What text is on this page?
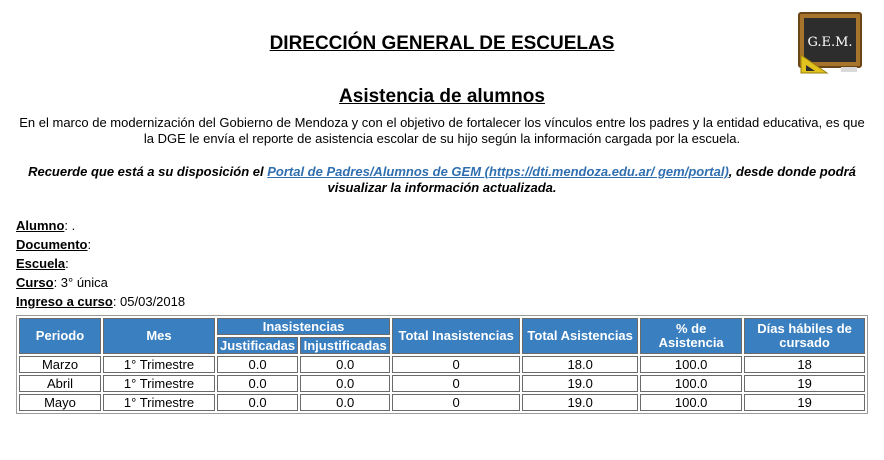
G.E.M.
DIRECCIÓN GENERAL DE ESCUELAS
Asistencia de alumnos

En el marco de modernización del Gobierno de Mendoza y con el objetivo de fortalecer los vínculos entre los padres y la entidad educativa, es que la DGE le envía el reporte de asistencia escolar de su hijo según la información cargada por la escuela.

Recuerde que está a su disposición el Portal de Padres/Alumnos de GEM (https://dti.mendoza.edu.ar/ gem/portal), desde donde podrá visualizar la información actualizada.

Alumno: .
Documento:
Escuela:
Curso: 3° única
Ingreso a curso: 05/03/2018
Periodo	Mes	Inasistencias		Total Inasistencias	Total Asistencias	% de Asistencia	Días hábiles de cursado
		Justificadas	Injustificadas				
Marzo	1° Trimestre	0.0	0.0	0	18.0	100.0	18
Abril	1° Trimestre	0.0	0.0	0	19.0	100.0	19
Mayo	1° Trimestre	0.0	0.0	0	19.0	100.0	19
